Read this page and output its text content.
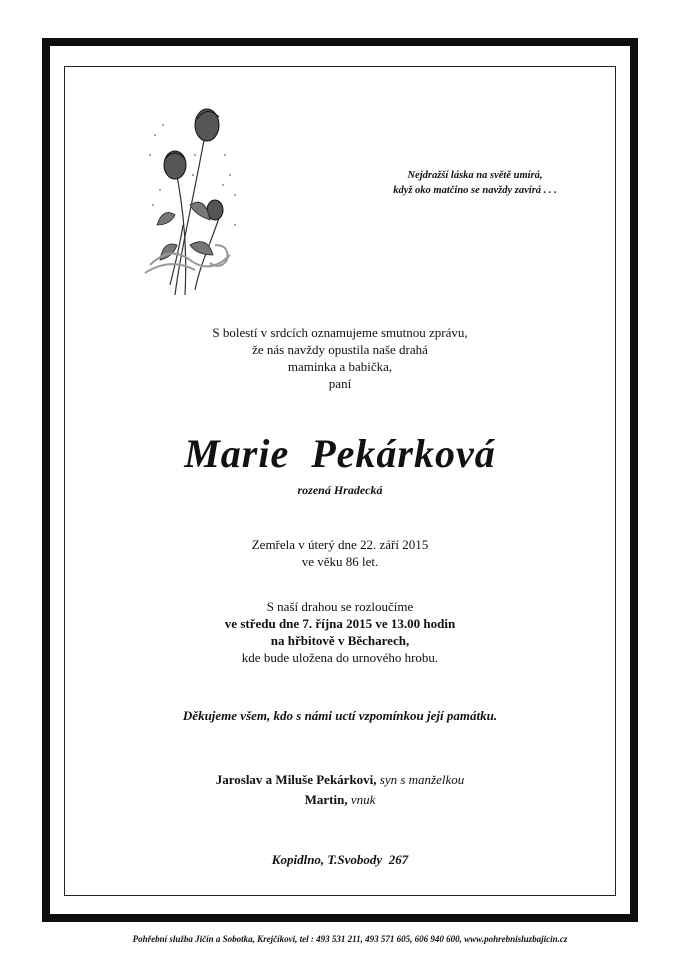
Nejdražší láska na světě umírá,
když oko matčino se navždy zavírá . . .
S bolestí v srdcích oznamujeme smutnou zprávu,
že nás navždy opustila naše drahá
maminka a babička,
paní
Marie  Pekárková
rozená Hradecká
Zemřela v úterý dne 22. září 2015
ve věku 86 let.
S naší drahou se rozloučíme
ve středu dne 7. října 2015 ve 13.00 hodin
na hřbitově v Běcharech,
kde bude uložena do urnového hrobu.
Děkujeme všem, kdo s námi uctí vzpomínkou její památku.
Jaroslav a Miluše Pekárkovi, syn s manželkou
Martin, vnuk
Kopidlno, T.Svobody  267
Pohřební služba Jičín a Sobotka, Krejčíkovi, tel : 493 531 211, 493 571 605, 606 940 600, www.pohrebnisluzbajicin.cz
